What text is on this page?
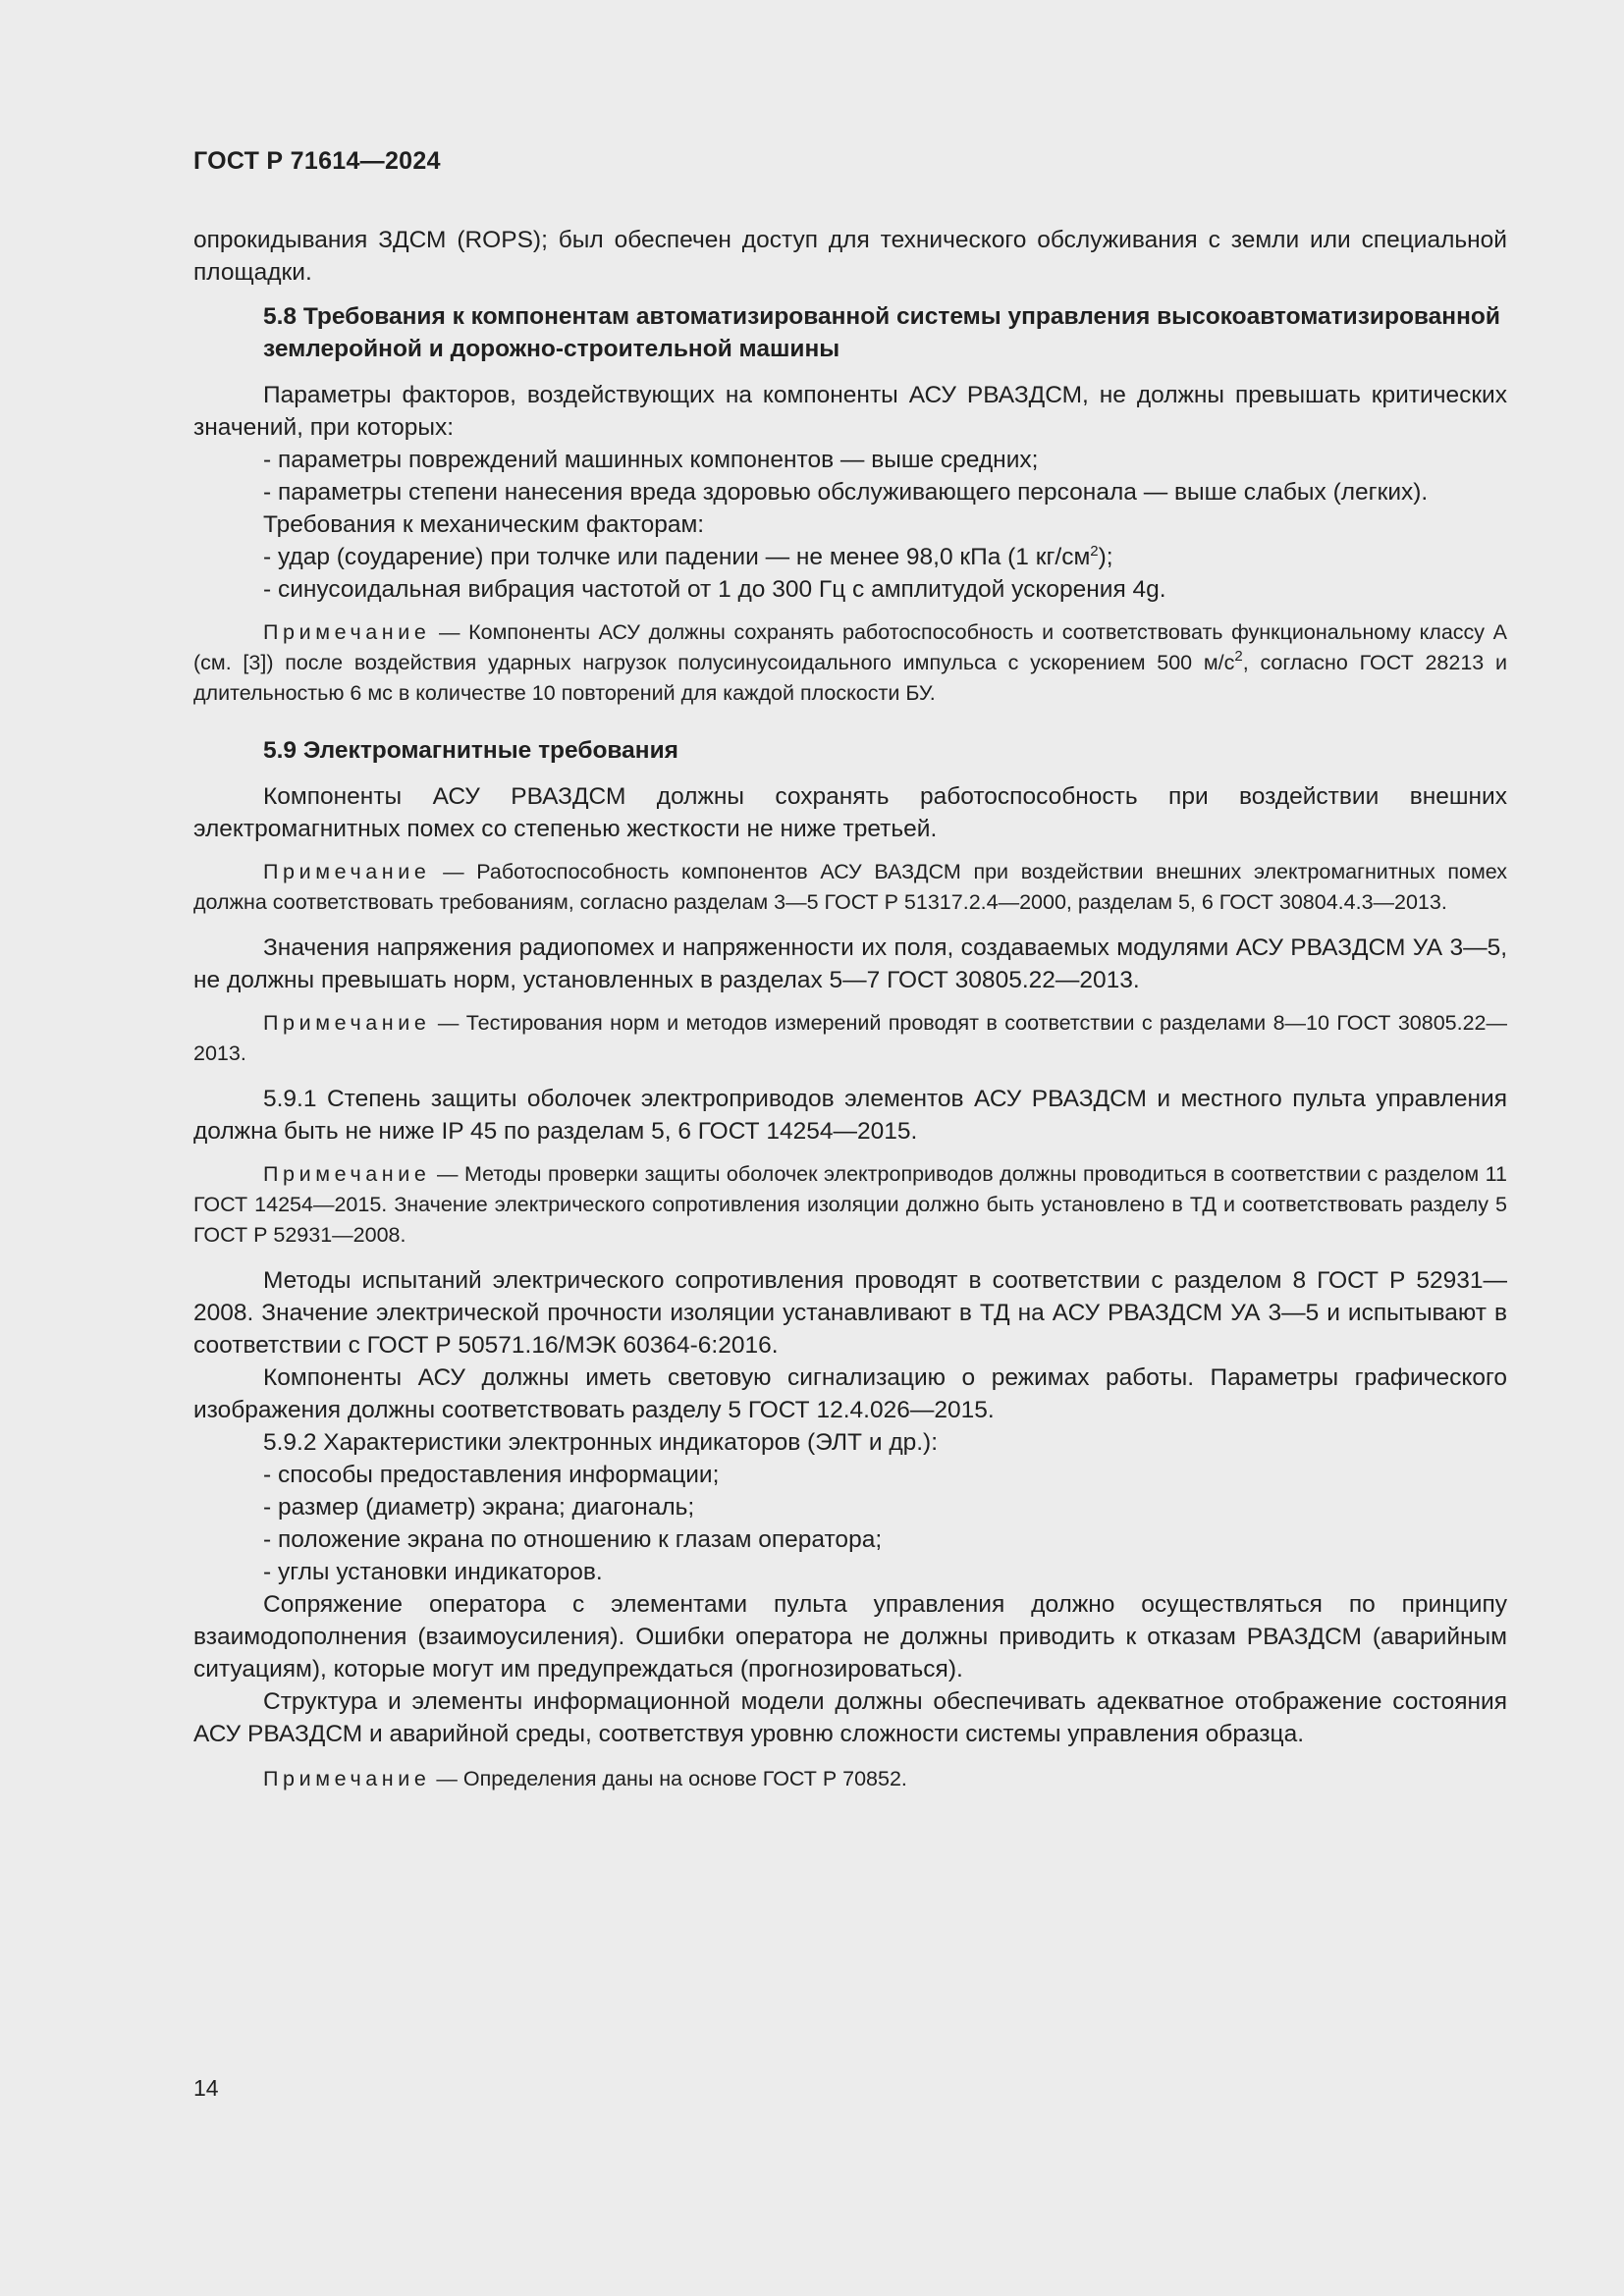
ГОСТ Р 71614—2024

опрокидывания ЗДСМ (ROPS); был обеспечен доступ для технического обслуживания с земли или специальной площадки.

5.8 Требования к компонентам автоматизированной системы управления высокоавтоматизированной землеройной и дорожно-строительной машины

Параметры факторов, воздействующих на компоненты АСУ РВАЗДСМ, не должны превышать критических значений, при которых:

- параметры повреждений машинных компонентов — выше средних;

- параметры степени нанесения вреда здоровью обслуживающего персонала — выше слабых (легких).

Требования к механическим факторам:

- удар (соударение) при толчке или падении — не менее 98,0 кПа (1 $кг/см^2$);

- синусоидальная вибрация частотой от 1 до 300 Гц с амплитудой ускорения 4g.

Примечание — Компоненты АСУ должны сохранять работоспособность и соответствовать функциональному классу А (см. [3]) после воздействия ударных нагрузок полусинусоидального импульса с ускорением 500 $м/с^2$, согласно ГОСТ 28213 и длительностью 6 мс в количестве 10 повторений для каждой плоскости БУ.

5.9 Электромагнитные требования

Компоненты АСУ РВАЗДСМ должны сохранять работоспособность при воздействии внешних электромагнитных помех со степенью жесткости не ниже третьей.

Примечание — Работоспособность компонентов АСУ ВАЗДСМ при воздействии внешних электромагнитных помех должна соответствовать требованиям, согласно разделам 3—5 ГОСТ Р 51317.2.4—2000, разделам 5, 6 ГОСТ 30804.4.3—2013.

Значения напряжения радиопомех и напряженности их поля, создаваемых модулями АСУ РВАЗДСМ УА 3—5, не должны превышать норм, установленных в разделах 5—7 ГОСТ 30805.22—2013.

Примечание — Тестирования норм и методов измерений проводят в соответствии с разделами 8—10 ГОСТ 30805.22—2013.

5.9.1 Степень защиты оболочек электроприводов элементов АСУ РВАЗДСМ и местного пульта управления должна быть не ниже IP 45 по разделам 5, 6 ГОСТ 14254—2015.

Примечание — Методы проверки защиты оболочек электроприводов должны проводиться в соответствии с разделом 11 ГОСТ 14254—2015. Значение электрического сопротивления изоляции должно быть установлено в ТД и соответствовать разделу 5 ГОСТ Р 52931—2008.

Методы испытаний электрического сопротивления проводят в соответствии с разделом 8 ГОСТ Р 52931—2008. Значение электрической прочности изоляции устанавливают в ТД на АСУ РВАЗДСМ УА 3—5 и испытывают в соответствии с ГОСТ Р 50571.16/МЭК 60364-6:2016.

Компоненты АСУ должны иметь световую сигнализацию о режимах работы. Параметры графического изображения должны соответствовать разделу 5 ГОСТ 12.4.026—2015.

5.9.2 Характеристики электронных индикаторов (ЭЛТ и др.):

- способы предоставления информации;

- размер (диаметр) экрана; диагональ;

- положение экрана по отношению к глазам оператора;

- углы установки индикаторов.

Сопряжение оператора с элементами пульта управления должно осуществляться по принципу взаимодополнения (взаимоусиления). Ошибки оператора не должны приводить к отказам РВАЗДСМ (аварийным ситуациям), которые могут им предупреждаться (прогнозироваться).

Структура и элементы информационной модели должны обеспечивать адекватное отображение состояния АСУ РВАЗДСМ и аварийной среды, соответствуя уровню сложности системы управления образца.

Примечание — Определения даны на основе ГОСТ Р 70852.

14
